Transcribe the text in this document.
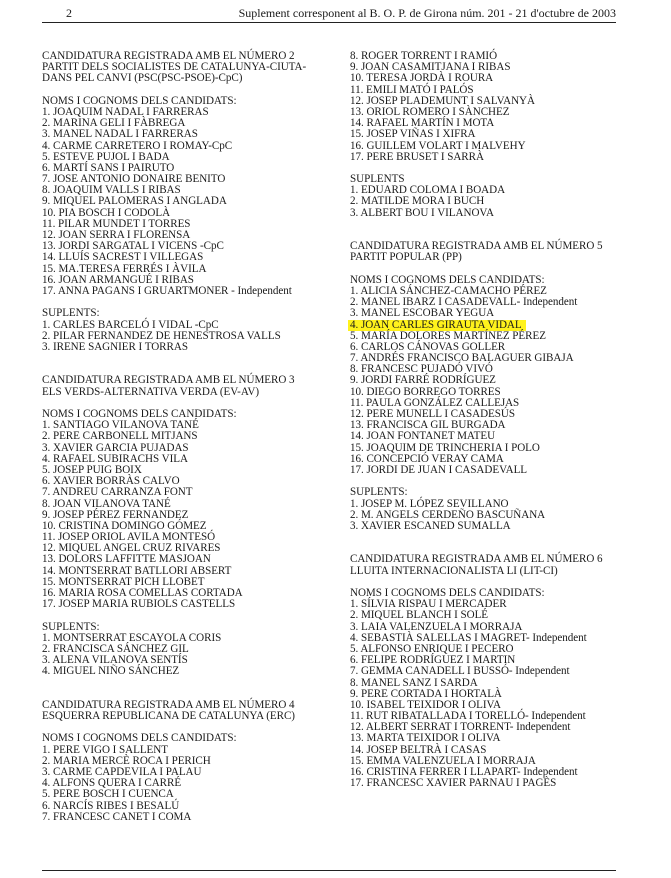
2	Suplement corresponent al B. O. P. de Girona núm. 201 - 21 d'octubre de 2003
CANDIDATURA REGISTRADA AMB EL NÚMERO 2
PARTIT DELS SOCIALISTES DE CATALUNYA-CIUTA-
DANS PEL CANVI (PSC(PSC-PSOE)-CpC)
NOMS I COGNOMS DELS CANDIDATS:
1. JOAQUIM NADAL I FARRERAS
2. MARINA GELI I FÀBREGA
3. MANEL NADAL I FARRERAS
4. CARME CARRETERO I ROMAY-CpC
5. ESTEVE PUJOL I BADA
6. MARTÍ SANS I PAIRUTO
7. JOSE ANTONIO DONAIRE BENITO
8. JOAQUIM VALLS I RIBAS
9. MIQUEL PALOMERAS I ANGLADA
10. PIA BOSCH I CODOLÀ
11. PILAR MUNDET I TORRES
12. JOAN SERRA I FLORENSA
13. JORDI SARGATAL I VICENS -CpC
14. LLUÍS SACREST I VILLEGAS
15. MA.TERESA FERRÉS I ÀVILA
16. JOAN ARMANGUÉ I RIBAS
17. ANNA PAGANS I GRUARTMONER - Independent
SUPLENTS:
1. CARLES BARCELÓ I VIDAL -CpC
2. PILAR FERNANDEZ DE HENESTROSA VALLS
3. IRENE SAGNIER I TORRAS
CANDIDATURA REGISTRADA AMB EL NÚMERO 3
ELS VERDS-ALTERNATIVA VERDA (EV-AV)
NOMS I COGNOMS DELS CANDIDATS:
1. SANTIAGO VILANOVA TANÉ
2. PERE CARBONELL MITJANS
3. XAVIER GARCIA PUJADAS
4. RAFAEL SUBIRACHS VILA
5. JOSEP PUIG BOIX
6. XAVIER BORRÀS CALVO
7. ANDREU CARRANZA FONT
8. JOAN VILANOVA TANÉ
9. JOSEP PÉREZ FERNANDEZ
10. CRISTINA DOMINGO GÓMEZ
11. JOSEP ORIOL AVILA MONTESÓ
12. MIQUEL ANGEL CRUZ RIVARES
13. DOLORS LAFFITTE MASJOAN
14. MONTSERRAT BATLLORI ABSERT
15. MONTSERRAT PICH LLOBET
16. MARIA ROSA COMELLAS CORTADA
17. JOSEP MARIA RUBIOLS CASTELLS
SUPLENTS:
1. MONTSERRAT ESCAYOLA CORIS
2. FRANCISCA SÁNCHEZ GIL
3. ALENA VILANOVA SENTÍS
4. MIGUEL NIÑO SÁNCHEZ
CANDIDATURA REGISTRADA AMB EL NÚMERO 4
ESQUERRA REPUBLICANA DE CATALUNYA (ERC)
NOMS I COGNOMS DELS CANDIDATS:
1. PERE VIGO I SALLENT
2. MARIA MERCÈ ROCA I PERICH
3. CARME CAPDEVILA I PALAU
4. ALFONS QUERA I CARRÉ
5. PERE BOSCH I CUENCA
6. NARCÍS RIBES I BESALÚ
7. FRANCESC CANET I COMA
8. ROGER TORRENT I RAMIÓ
9. JOAN CASAMITJANA I RIBAS
10. TERESA JORDÀ I ROURA
11. EMILI MATÓ I PALÓS
12. JOSEP PLADEMUNT I SALVANYÀ
13. ORIOL ROMERO I SÀNCHEZ
14. RAFAEL MARTÍN I MOTA
15. JOSEP VIÑAS I XIFRA
16. GUILLEM VOLART I MALVEHY
17. PERE BRUSET I SARRÀ
SUPLENTS
1. EDUARD COLOMA I BOADA
2. MATILDE MORA I BUCH
3. ALBERT BOU I VILANOVA
CANDIDATURA REGISTRADA AMB EL NÚMERO 5
PARTIT POPULAR (PP)
NOMS I COGNOMS DELS CANDIDATS:
1. ALICIA SÁNCHEZ-CAMACHO PÉREZ
2. MANEL IBARZ I CASADEVALL- Independent
3. MANEL ESCOBAR YEGUA
4. JOAN CARLES GIRAUTA VIDAL
5. MARÍA DOLORES MARTÍNEZ PÉREZ
6. CARLOS CÁNOVAS GOLLER
7. ANDRÉS FRANCISCO BALAGUER GIBAJA
8. FRANCESC PUJADÓ VIVÓ
9. JORDI FARRÉ RODRÍGUEZ
10. DIEGO BORREGO TORRES
11. PAULA GONZÁLEZ CALLEJAS
12. PERE MUNELL I CASADESÚS
13. FRANCISCA GIL BURGADA
14. JOAN FONTANET MATEU
15. JOAQUIM DE TRINCHERIA I POLO
16. CONCEPCIÓ VERAY CAMA
17. JORDI DE JUAN I CASADEVALL
SUPLENTS:
1. JOSEP M. LÓPEZ SEVILLANO
2. M. ANGELS CERDEÑO BASCUÑANA
3. XAVIER ESCANED SUMALLA
CANDIDATURA REGISTRADA AMB EL NÚMERO 6
LLUITA INTERNACIONALISTA LI (LIT-CI)
NOMS I COGNOMS DELS CANDIDATS:
1. SÍLVIA RISPAU I MERCADER
2. MIQUEL BLANCH I SOLÉ
3. LAIA VALENZUELA I MORRAJA
4. SEBASTIÀ SALELLAS I MAGRET- Independent
5. ALFONSO ENRIQUE I PECERO
6. FELIPE RODRÍGUEZ I MARTIN
7. GEMMA CANADELL I BUSSÓ- Independent
8. MANEL SANZ I SARDA
9. PERE CORTADA I HORTALÀ
10. ISABEL TEIXIDOR I OLIVA
11. RUT RIBATALLADA I TORELLÓ- Independent
12. ALBERT SERRAT I TORRENT- Independent
13. MARTA TEIXIDOR I OLIVA
14. JOSEP BELTRÀ I CASAS
15. EMMA VALENZUELA I MORRAJA
16. CRISTINA FERRER I LLAPART- Independent
17. FRANCESC XAVIER PARNAU I PAGÈS
